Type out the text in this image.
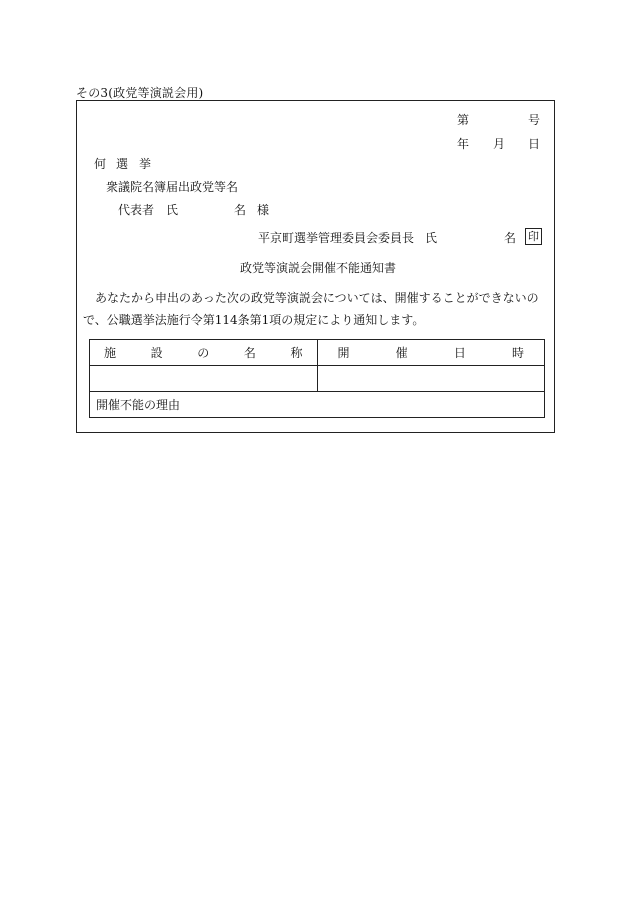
その3(政党等演説会用)
第	号
年 月 日
何 選 挙
衆議院名簿届出政党等名
代表者 氏	名 様
平京町選挙管理委員会委員長 氏	名 印
政党等演説会開催不能通知書
あなたから申出のあった次の政党等演説会については、開催することができないので、公職選挙法施行令第114条第1項の規定により通知します。
施 設 の 名 称	開 催 日 時

開催不能の理由	
